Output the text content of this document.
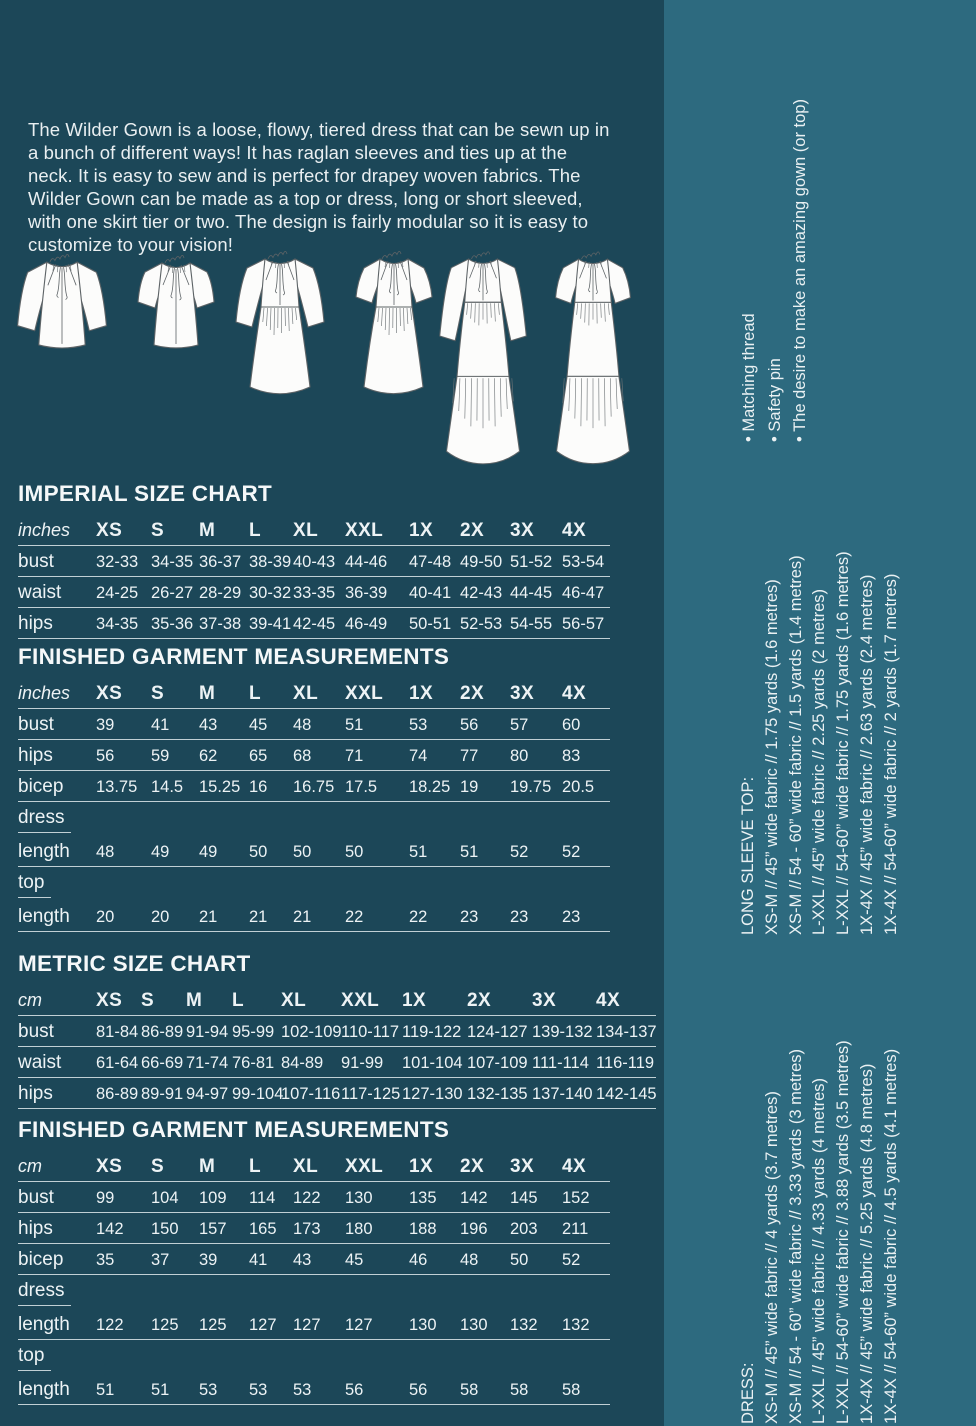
The Wilder Gown is a loose, flowy, tiered dress that can be sewn up in a bunch of different ways! It has raglan sleeves and ties up at the neck. It is easy to sew and is perfect for drapey woven fabrics. The Wilder Gown can be made as a top or dress, long or short sleeved, with one skirt tier or two. The design is fairly modular so it is easy to customize to your vision!

IMPERIAL SIZE CHART
inches	XS	S	M	L	XL	XXL	1X	2X	3X	4X
bust	32-33	34-35	36-37	38-39	40-43	44-46	47-48	49-50	51-52	53-54
waist	24-25	26-27	28-29	30-32	33-35	36-39	40-41	42-43	44-45	46-47
hips	34-35	35-36	37-38	39-41	42-45	46-49	50-51	52-53	54-55	56-57
FINISHED GARMENT MEASUREMENTS
inches	XS	S	M	L	XL	XXL	1X	2X	3X	4X
bust	39	41	43	45	48	51	53	56	57	60
hips	56	59	62	65	68	71	74	77	80	83
bicep	13.75	14.5	15.25	16	16.75	17.5	18.25	19	19.75	20.5
dress										
length	48	49	49	50	50	50	51	51	52	52
top										
length	20	20	21	21	21	22	22	23	23	23
METRIC SIZE CHART
cm	XS	S	M	L	XL	XXL	1X	2X	3X	4X
bust	81-84	86-89	91-94	95-99	102-109	110-117	119-122	124-127	139-132	134-137
waist	61-64	66-69	71-74	76-81	84-89	91-99	101-104	107-109	111-114	116-119
hips	86-89	89-91	94-97	99-104	107-116	117-125	127-130	132-135	137-140	142-145
FINISHED GARMENT MEASUREMENTS
cm	XS	S	M	L	XL	XXL	1X	2X	3X	4X
bust	99	104	109	114	122	130	135	142	145	152
hips	142	150	157	165	173	180	188	196	203	211
bicep	35	37	39	41	43	45	46	48	50	52
dress										
length	122	125	125	127	127	127	130	130	132	132
top										
length	51	51	53	53	53	56	56	58	58	58
• Matching thread • Safety pin • The desire to make an amazing gown (or top)
LONG SLEEVE TOP: XS-M // 45” wide fabric // 1.75 yards (1.6 metres) XS-M // 54 - 60” wide fabric // 1.5 yards (1.4 metres) L-XXL // 45” wide fabric // 2.25 yards (2 metres) L-XXL // 54-60” wide fabric // 1.75 yards (1.6 metres) 1X-4X // 45” wide fabric // 2.63 yards (2.4 metres) 1X-4X // 54-60” wide fabric // 2 yards (1.7 metres)
DRESS: XS-M // 45” wide fabric // 4 yards (3.7 metres) XS-M // 54 - 60” wide fabric // 3.33 yards (3 metres) L-XXL // 45” wide fabric // 4.33 yards (4 metres) L-XXL // 54-60” wide fabric // 3.88 yards (3.5 metres) 1X-4X // 45” wide fabric // 5.25 yards (4.8 metres) 1X-4X // 54-60” wide fabric // 4.5 yards (4.1 metres)
